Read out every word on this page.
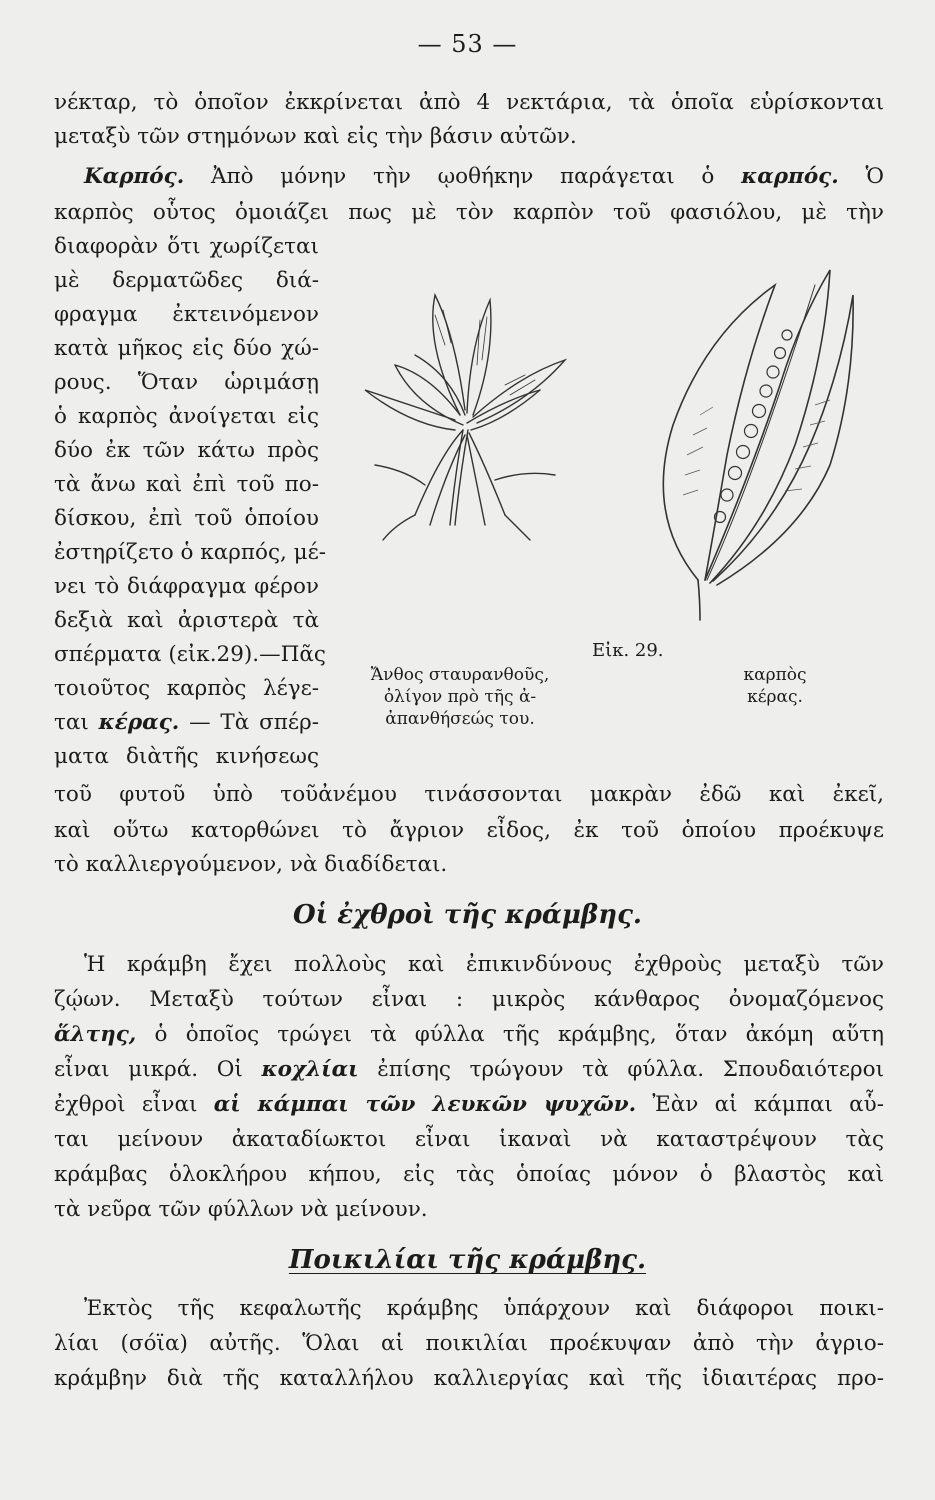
— 53 —
νέκταρ, τὸ ὁποῖον ἐκκρίνεται ἀπὸ 4 νεκτάρια, τὰ ὁποῖα εὑρίσκονται
μεταξὺ τῶν στημόνων καὶ εἰς τὴν βάσιν αὐτῶν.
Καρπός. Ἀπὸ μόνην τὴν ῳοθήκην παράγεται ὁ καρπός. Ὁ
καρπὸς οὗτος ὁμοιάζει πως μὲ τὸν καρπὸν τοῦ φασιόλου, μὲ τὴν
διαφορὰν ὅτι χωρίζεται
μὲ δερματῶδες διά-
φραγμα ἐκτεινόμενον
κατὰ μῆκος εἰς δύο χώ-
ρους. Ὅταν ὡριμάσῃ
ὁ καρπὸς ἀνοίγεται εἰς
δύο ἐκ τῶν κάτω πρὸς
τὰ ἄνω καὶ ἐπὶ τοῦ πο-
δίσκου, ἐπὶ τοῦ ὁποίου
ἐστηρίζετο ὁ καρπός, μέ-
νει τὸ διάφραγμα φέρον
δεξιὰ καὶ ἀριστερὰ τὰ
σπέρματα (εἰκ.29).—Πᾶς
τοιοῦτος καρπὸς λέγε-
ται κέρας. — Τὰ σπέρ-
ματα διὰτῆς κινήσεως
τοῦ φυτοῦ ὑπὸ τοῦἀνέμου τινάσσονται μακρὰν ἐδῶ καὶ ἐκεῖ,
καὶ οὕτω κατορθώνει τὸ ἄγριον εἶδος, ἐκ τοῦ ὁποίου προέκυψε
τὸ καλλιεργούμενον, νὰ διαδίδεται.
Εἰκ. 29.
Ἄνθος σταυρανθοῦς,
ὀλίγον πρὸ τῆς ἀ-
ἀπανθήσεώς του.
καρπὸς
κέρας.
Οἱ ἐχθροὶ τῆς κράμβης.
Ἡ κράμβη ἔχει πολλοὺς καὶ ἐπικινδύνους ἐχθροὺς μεταξὺ τῶν
ζῴων. Μεταξὺ τούτων εἶναι : μικρὸς κάνθαρος ὀνομαζόμενος
ἅλτης, ὁ ὁποῖος τρώγει τὰ φύλλα τῆς κράμβης, ὅταν ἀκόμη αὕτη
εἶναι μικρά. Οἱ κοχλίαι ἐπίσης τρώγουν τὰ φύλλα. Σπουδαιότεροι
ἐχθροὶ εἶναι αἱ κάμπαι τῶν λευκῶν ψυχῶν. Ἐὰν αἱ κάμπαι αὗ-
ται μείνουν ἀκαταδίωκτοι εἶναι ἱκαναὶ νὰ καταστρέψουν τὰς
κράμβας ὁλοκλήρου κήπου, εἰς τὰς ὁποίας μόνον ὁ βλαστὸς καὶ
τὰ νεῦρα τῶν φύλλων νὰ μείνουν.
Ποικιλίαι τῆς κράμβης.
Ἐκτὸς τῆς κεφαλωτῆς κράμβης ὑπάρχουν καὶ διάφοροι ποικι-
λίαι (σόϊα) αὐτῆς. Ὅλαι αἱ ποικιλίαι προέκυψαν ἀπὸ τὴν ἀγριο-
κράμβην διὰ τῆς καταλλήλου καλλιεργίας καὶ τῆς ἰδιαιτέρας προ-
